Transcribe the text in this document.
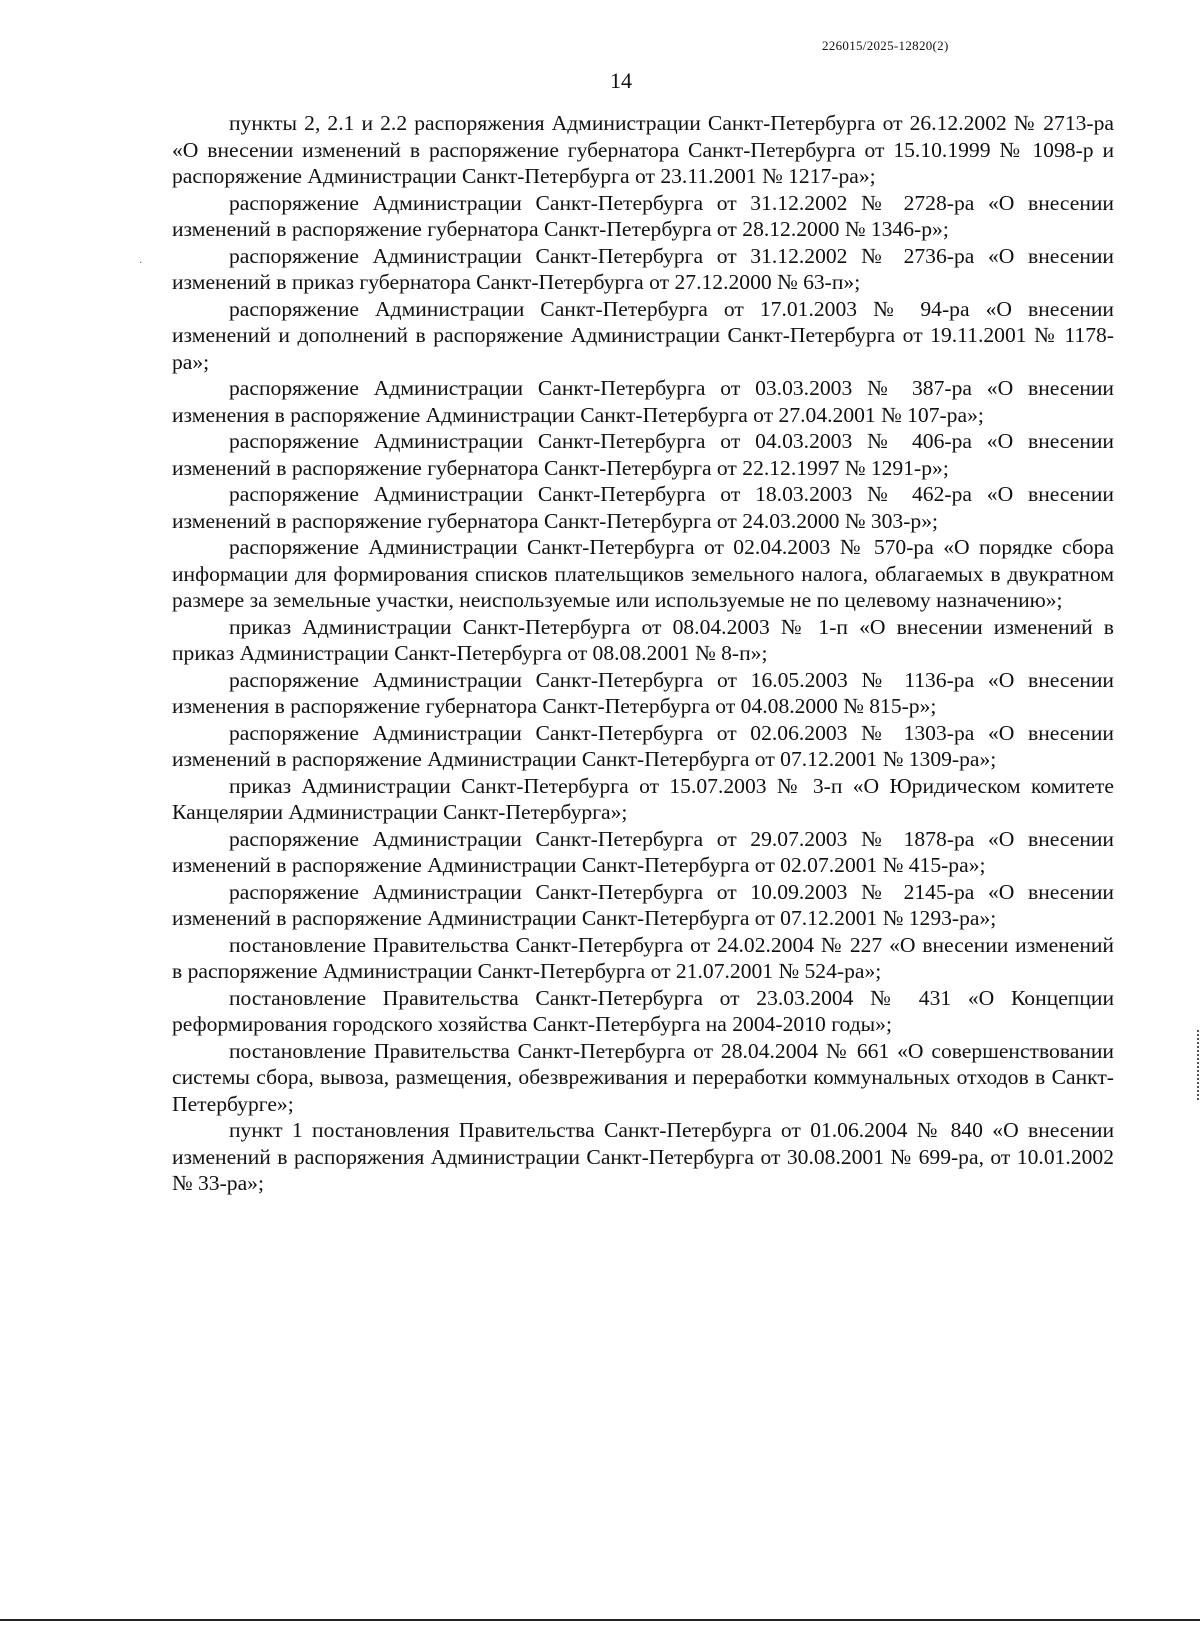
226015/2025-12820(2)
14
·

пункты 2, 2.1 и 2.2 распоряжения Администрации Санкт-Петербурга от 26.12.2002 № 2713-ра «О внесении изменений в распоряжение губернатора Санкт-Петербурга от 15.10.1999 № 1098-р и распоряжение Администрации Санкт-Петербурга от 23.11.2001 № 1217-ра»;

распоряжение Администрации Санкт-Петербурга от 31.12.2002 № 2728-ра «О внесении изменений в распоряжение губернатора Санкт-Петербурга от 28.12.2000 № 1346-р»;

распоряжение Администрации Санкт-Петербурга от 31.12.2002 № 2736-ра «О внесении изменений в приказ губернатора Санкт-Петербурга от 27.12.2000 № 63-п»;

распоряжение Администрации Санкт-Петербурга от 17.01.2003 № 94-ра «О внесении изменений и дополнений в распоряжение Администрации Санкт-Петербурга от 19.11.2001 № 1178-ра»;

распоряжение Администрации Санкт-Петербурга от 03.03.2003 № 387-ра «О внесении изменения в распоряжение Администрации Санкт-Петербурга от 27.04.2001 № 107-ра»;

распоряжение Администрации Санкт-Петербурга от 04.03.2003 № 406-ра «О внесении изменений в распоряжение губернатора Санкт-Петербурга от 22.12.1997 № 1291-р»;

распоряжение Администрации Санкт-Петербурга от 18.03.2003 № 462-ра «О внесении изменений в распоряжение губернатора Санкт-Петербурга от 24.03.2000 № 303-р»;

распоряжение Администрации Санкт-Петербурга от 02.04.2003 № 570-ра «О порядке сбора информации для формирования списков плательщиков земельного налога, облагаемых в двукратном размере за земельные участки, неиспользуемые или используемые не по целевому назначению»;

приказ Администрации Санкт-Петербурга от 08.04.2003 № 1-п «О внесении изменений в приказ Администрации Санкт-Петербурга от 08.08.2001 № 8-п»;

распоряжение Администрации Санкт-Петербурга от 16.05.2003 № 1136-ра «О внесении изменения в распоряжение губернатора Санкт-Петербурга от 04.08.2000 № 815-р»;

распоряжение Администрации Санкт-Петербурга от 02.06.2003 № 1303-ра «О внесении изменений в распоряжение Администрации Санкт-Петербурга от 07.12.2001 № 1309-ра»;

приказ Администрации Санкт-Петербурга от 15.07.2003 № 3-п «О Юридическом комитете Канцелярии Администрации Санкт-Петербурга»;

распоряжение Администрации Санкт-Петербурга от 29.07.2003 № 1878-ра «О внесении изменений в распоряжение Администрации Санкт-Петербурга от 02.07.2001 № 415-ра»;

распоряжение Администрации Санкт-Петербурга от 10.09.2003 № 2145-ра «О внесении изменений в распоряжение Администрации Санкт-Петербурга от 07.12.2001 № 1293-ра»;

постановление Правительства Санкт-Петербурга от 24.02.2004 № 227 «О внесении изменений в распоряжение Администрации Санкт-Петербурга от 21.07.2001 № 524-ра»;

постановление Правительства Санкт-Петербурга от 23.03.2004 № 431 «О Концепции реформирования городского хозяйства Санкт-Петербурга на 2004-2010 годы»;

постановление Правительства Санкт-Петербурга от 28.04.2004 № 661 «О совершенствовании системы сбора, вывоза, размещения, обезвреживания и переработки коммунальных отходов в Санкт-Петербурге»;

пункт 1 постановления Правительства Санкт-Петербурга от 01.06.2004 № 840 «О внесении изменений в распоряжения Администрации Санкт-Петербурга от 30.08.2001 № 699-ра, от 10.01.2002 № 33-ра»;
